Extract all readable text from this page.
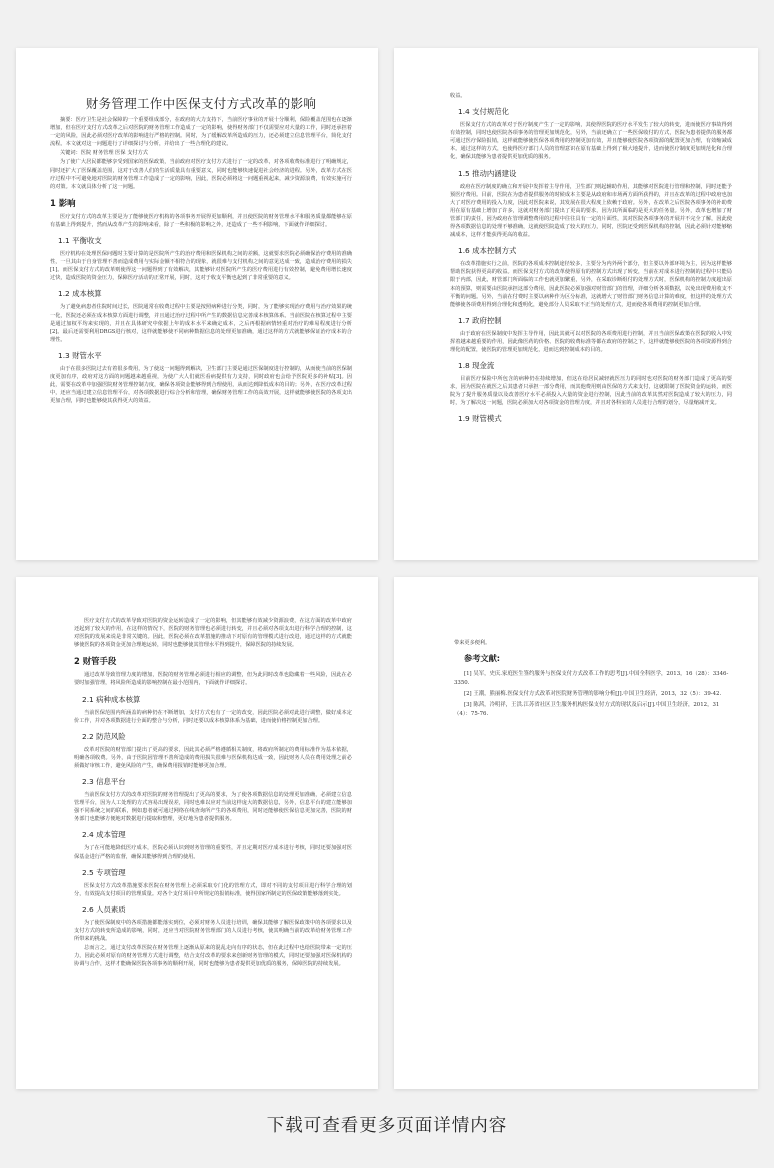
财务管理工作中医保支付方式改革的影响

摘要：医疗卫生是社会保障的一个重要组成部分，在政府的大力支持下，当前医疗事业的开展十分顺利，保险覆盖范围也在逐渐增加，但在医疗支付方式改革之后对医院的财务管理工作造成了一定的影响，使得财务部门不仅需要应对大量的工作，同时还承担着一定的风险，因此必须对医疗改革的影响进行严格的控制。同时，为了缓解改革所造成的压力，还必须建立信息管理平台，简化支付流程。本文就对这一问题进行了详细探讨与分析，并给出了一些合理化的建议。

关键词：医院 财务管理 医保 支付方式

为了使广大居民都能够享受到国家的医保政策，当前政府对医疗支付方式进行了一定的改革，对各项收费标准进行了明确规定，同时还扩大了医保覆盖范围，这对于改善人们的生活质量具有重要意义，同时也能够快速促进社会经济的进程。另外，改革方式在医疗过程中不可避免地对医院的财务管理工作造成了一定的影响，因此，医院必须将这一问题重视起来，减少资源浪费，有效实施可行的对策。本文就具体分析了这一问题。

1 影响

医疗支付方式的改革主要是为了能够使医疗机构的各项事务开展得更加顺利，并且使医院的财务管理水平和服务质量都能够在原有基础上得到提升，然而从改革产生的影响来看，除了一些积极的影响之外，还造成了一些不利影响，下面就作详细探讨。

1.1 平衡收支

医疗机构在处理医保问题时主要计算的是医院所产生的治疗费用和医保机构之间的差额，这就要求医院必须确保治疗费用的准确性，一旦其由于自身管理不善而造成费用与实际金额不相符合的现象，就很难与支付机构之间的意见达成一致，造成治疗费用的损失[1]。而医保支付方式的改革则使得这一问题得到了有效解决，其能够针对医院所产生的医疗费用进行有效控制，避免费用增长速度过快，造成医院的资金压力，保障医疗活动的正常开展，同时，这对于收支平衡也起到了非常重要的意义。

1.2 成本核算

为了避免病患者住院时间过长，医院通常在收费过程中主要是按照病种进行分类，同时，为了能够实现治疗费用与治疗效果的统一化，医院还必须在成本核算方面进行调整，并且通过治疗过程中所产生的数据信息完善成本核算体系。当前医院在核算过程中主要是通过加权平均来实现的，并且在具体研究中依据上年的成本水平来确定成本，之后再根据病情轻重对治疗的难易程度进行分析[2]。最后还需要利用DRGS进行核对，这样就能够使不同病种数据信息的处理更加准确，通过这样的方式就能够保证治疗成本的合理性。

1.3 财管水平

由于在很多医院过去有着很多费用，为了使这一问题得到解决，卫生部门主要是通过医保制度进行控制的，从而使当前的医保制度更加有序，政府对这方面的问题越来越重视，为使广大人们就医看病提供有力支持，同时政府也会给予医院更多的补贴[3]。因此，需要在改革中加强医院财务管理控制力度，确保各项资金能够得到合理使用，从而达到降低成本的目的；另外，在医疗改革过程中，还应当通过建立信息管理平台，对各项数据进行综合分析和管理，确保财务管理工作的高效开展，这样就能够使医院的各项支出更加合理，同时也能够使其获得更大的效益。

收益。

1.4 支付规范化

医保支付方式的改革对于医疗制度产生了一定的影响，其使得医院的医疗水平发生了较大的转变，进而使医疗事故得到有效控制，同时也使医院各项事务的管理更加规范化，另外，当前还确立了一些医保收付的方式，医院为患者提供的服务都可通过医疗保险报销，这样就能够使医保各项费用的控制更加有效，并且能够使医院各项资源的配置更加合理，有效缩减成本。通过这样的方式，也使得医疗部门人员的管理意识在原有基础上得到了极大地提升，进而使医疗制度更加规范化和合理化，确保其能够为患者提供更加优质的服务。

1.5 推动内涵建设

政府在医疗制度的确立和开展中发挥着主导作用，卫生部门则起辅助作用，其能够对医院进行管理和控制，同时还能予预医疗费用。目前，医院在为患者提供服务的时候成本主要是从政府和市场两方面所获得的，并且在改革的过程中政府也加大了对医疗费用的投入力度，因此对医院来说，其发展在很大程度上依赖于政府。另外，在改革之后医院各项事务的补助费用在原有基础上增加了许多，这就对财务部门提出了更高的要求，因为其所面临的是更大的任务量。另外，改革也增加了财管部门的责任，因为政府在管理调整费用的过程中往往具有一定的片面性，其对医院各项事务的开展并不完全了解，因此使得各项数据信息的处理不够准确，这就使医院造成了较大的压力，同时，医院还受到医保机构的控制，因此必须针对能够缩减成本，这样才能获得更高的收益。

1.6 成本控制方式

在改革措施实行之前，医院的各项成本控制途径较多，主要分为内外两个部分，但主要以外部环境为主，因为这样能够帮助医院获得更高的收益。而医保支付方式的改革使得原有的控制方式出现了转变，当前在对成本进行控制的过程中只能局限于内部，因此，财管部门所面临的工作也就更加繁重，另外，在采取诊断组付的处理方式时，医保机构的控制力度超出原本的预算，则需要由医院承担这部分费用，因此医院必须加强对财管部门的管理，详细分析各项数据，以免出现费用收支不平衡的问题。另外，当前在付费时主要以病种作为区分标准，这就增大了财管部门财务信息计算的难度，但这样的处理方式能够使各项费用得到合理化和透明化，避免部分人员采取不正当的处理方式，进而使各项费用的控制更加合理。

1.7 政府控制

由于政府在医保制度中发挥主导作用，因此其就可以对医院的各项费用进行控制，并且当前医保政策在医院的收入中发挥着越来越重要的作用，因此像医药的价格、医院的收费标准等都在政府的控制之下，这样就能够使医院的各项资源得到合理化的配置，使医院的管理更加规范化，进而达到控制成本的目的。

1.8 现金流

目前医疗保险中所包含的病种仍在持续增加，但这在给居民减轻就医压力的同时也对医院的财务部门造成了更高的要求，因为医院在就医之后其患者只承担一部分费用，而其他费用则由医保的方式来支付，这就限制了医院资金的运转，而医院为了提升服务质量以及改善医疗水平必须投入大量的资金进行控制，因此当前的改革其然对医院造成了较大的压力，同时，为了解决这一问题，医院必须加大对各项资金的管理力度，并且对各科室的人员进行合理的划分，尽量缩减开支。

1.9 财管模式

医疗支付方式的改革导致对医院的资金运转造成了一定的影响，但其能够有效减少资源浪费，在这方面的改革中政府还起到了较大的作用，在这样的情况下，医院的财务管理也必须进行转变，并且必须对各项支出进行科学合理的控制，这对医院的发展来说是非常关键的。因此，医院必须在改革措施的推动下对原有的管理模式进行改进，通过这样的方式就能够使医院的各项资金更加合理地运转，同时也能够使其管理水平得到提升，保障医院的持续发展。

2 财管手段

通过改革导致管理力度的增加，医院的财务管理必须进行相应的调整，但为此同时改革也隐藏着一些风险，因此在必要时加强管理，将风险所造成的影响控制在最小范围内，下面就作详细探讨。

2.1 病种成本核算

当前医保范围内所涵盖的病种仍在不断增加，支付方式也有了一定的改变，因此医院必须对此进行调整，做好成本定价工作，并对各项数据进行全面的整合与分析，同时还要以成本核算体系为基础，进而使价格控制更加合理。

2.2 防范风险

改革对医院的财管部门提出了更高的要求，因此其必须严格遵循相关制度，将政府所制定的费用标准作为基本依据，明确各项收费。另外，由于医院因管理不善所造成的费用损失很难与医保机构达成一致，因此财务人员在费用处理之前必须做好审核工作，避免风险的产生，确保费用报销时能够更加合理。

2.3 信息平台

当前医保支付方式的改革对医院的财务管理提出了更高的要求，为了使各项数据信息的处理更加准确，必须建立信息管理平台，因为人工处理的方式容易出现误差，同时也难以应对当前这样庞大的数据信息，另外，信息平台的建立能够加强不同系统之间的联系，例如患者就可通过网络在线查询所产生的各项费用，同时还能够使医保信息更加完善，医院的财务部门也能够方便地对数据进行提取和整理，更好地为患者提供服务。

2.4 成本管理

为了在可能地降低医疗成本，医院必须认识到财务管理的重要性，并且定期对医疗成本进行考核，同时还要加强对医保基金进行严格的监督，确保其能够得到合理的使用。

2.5 专项管理

医保支付方式改革措施要求医院在财务管理上必须采取专门化的管理方式，即对不同的支付项目进行科学合理的划分，有效提高支付项目的管理质量。对各个支付项目中所规定的报销标准，使得国家所制定的医保政策能够落到实处。

2.6 人员素质

为了使医保制度中的各项措施都能落实到位，必须对财务人员进行培训，确保其能够了解医保政策中的各项要求以及支付方式的转变所造成的影响，同时，还应当对医院财务管理部门的人员进行考核，使其明确当前的改革给财务管理工作所带来的挑战。

总而言之，通过支付改革医院在财务管理上逐渐从原来的混乱走向有序的状态，但在此过程中也给医院带来一定的压力，因此必须对原有的财务管理方式进行调整，结合支付改革的要求来创新财务管理的模式，同时还要加强对医保机构的协调与合作，这样才能确保医院各项事务的顺利开展，同时也能够为患者提供更加优质的服务，保障医院的持续发展。

带来更多便利。

参考文献:
[1] 吴军，史庆.家庭医生签约服务与医保支付方式改革工作的思考[J].中国全科医学，2013，16（28）：3346-3350.
[2] 王潮，熊丽梅.医保支付方式改革对医院财务管理的影响分析[J].中国卫生经济，2013，32（5）：39-42.
[3] 陈茜，冷明祥，王洪.江苏省社区卫生服务机构医保支付方式的现状及启示[J].中国卫生经济，2012，31（4）：75-76.
下载可查看更多页面详情内容
